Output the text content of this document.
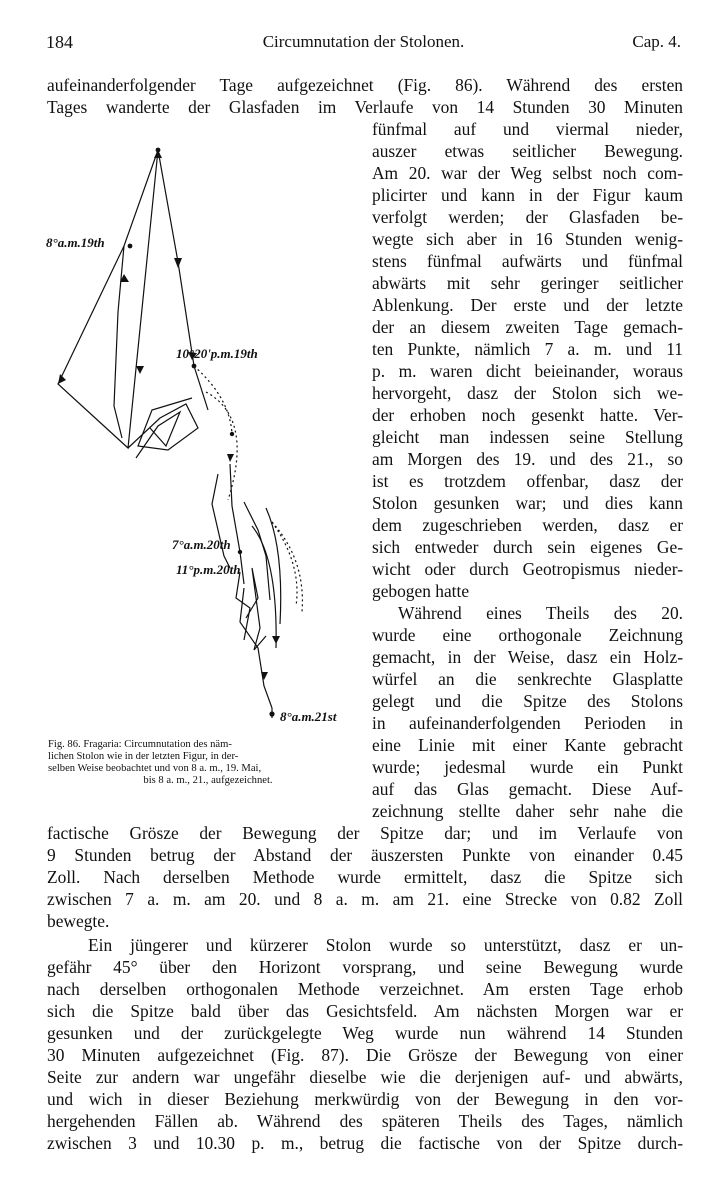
184	Circumnutation der Stolonen.	Cap. 4.
aufeinanderfolgender Tage aufgezeichnet (Fig. 86). Während des ersten
Tages wanderte der Glasfaden im Verlaufe von 14 Stunden 30 Minuten
fünfmal auf und viermal nieder,
auszer etwas seitlicher Bewegung.
Am 20. war der Weg selbst noch com-
plicirter und kann in der Figur kaum
verfolgt werden; der Glasfaden be-
wegte sich aber in 16 Stunden wenig-
stens fünfmal aufwärts und fünfmal
abwärts mit sehr geringer seitlicher
Ablenkung. Der erste und der letzte
der an diesem zweiten Tage gemach-
ten Punkte, nämlich 7 a. m. und 11
p. m. waren dicht beieinander, woraus
hervorgeht, dasz der Stolon sich we-
der erhoben noch gesenkt hatte. Ver-
gleicht man indessen seine Stellung
am Morgen des 19. und des 21., so
ist es trotzdem offenbar, dasz der
Stolon gesunken war; und dies kann
dem zugeschrieben werden, dasz er
sich entweder durch sein eigenes Ge-
wicht oder durch Geotropismus nieder-
gebogen hatte
Während eines Theils des 20.
wurde eine orthogonale Zeichnung
gemacht, in der Weise, dasz ein Holz-
würfel an die senkrechte Glasplatte
gelegt und die Spitze des Stolons
in aufeinanderfolgenden Perioden in
eine Linie mit einer Kante gebracht
wurde; jedesmal wurde ein Punkt
auf das Glas gemacht. Diese Auf-
zeichnung stellte daher sehr nahe die
8°a.m.19th
10°20'p.m.19th
7°a.m.20th
11°p.m.20th
8°a.m.21st
Fig. 86. Fragaria: Circumnutation des näm-
lichen Stolon wie in der letzten Figur, in der-
selben Weise beobachtet und von 8 a. m., 19. Mai,
bis 8 a. m., 21., aufgezeichnet.
factische Grösze der Bewegung der Spitze dar; und im Verlaufe von
9 Stunden betrug der Abstand der äuszersten Punkte von einander 0.45
Zoll. Nach derselben Methode wurde ermittelt, dasz die Spitze sich
zwischen 7 a. m. am 20. und 8 a. m. am 21. eine Strecke von 0.82 Zoll
bewegte.
Ein jüngerer und kürzerer Stolon wurde so unterstützt, dasz er un-
gefähr 45° über den Horizont vorsprang, und seine Bewegung wurde
nach derselben orthogonalen Methode verzeichnet. Am ersten Tage erhob
sich die Spitze bald über das Gesichtsfeld. Am nächsten Morgen war er
gesunken und der zurückgelegte Weg wurde nun während 14 Stunden
30 Minuten aufgezeichnet (Fig. 87). Die Grösze der Bewegung von einer
Seite zur andern war ungefähr dieselbe wie die derjenigen auf- und abwärts,
und wich in dieser Beziehung merkwürdig von der Bewegung in den vor-
hergehenden Fällen ab. Während des späteren Theils des Tages, nämlich
zwischen 3 und 10.30 p. m., betrug die factische von der Spitze durch-
